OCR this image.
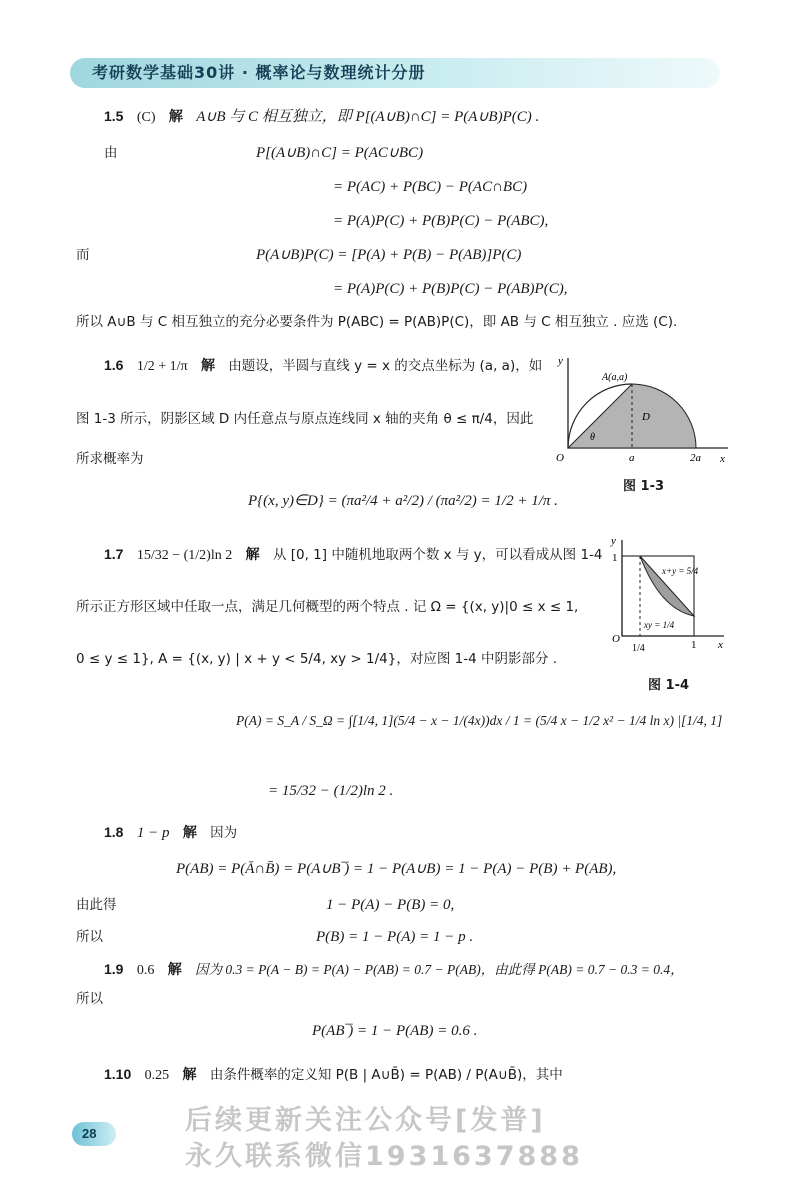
考研数学基础30讲 · 概率论与数理统计分册
1.5 (C) 解 A∪B 与 C 相互独立，即 P[(A∪B)∩C] = P(A∪B)P(C) .
由	P[(A∪B)∩C] = P(AC∪BC)
= P(AC) + P(BC) − P(AC∩BC)
= P(A)P(C) + P(B)P(C) − P(ABC),
而	P(A∪B)P(C) = [P(A) + P(B) − P(AB)]P(C)
= P(A)P(C) + P(B)P(C) − P(AB)P(C),
所以 A∪B 与 C 相互独立的充分必要条件为 P(ABC) = P(AB)P(C)，即 AB 与 C 相互独立 . 应选 (C).
1.6 1/2 + 1/π 解 由题设，半圆与直线 y = x 的交点坐标为 (a, a)，如
图 1-3 所示，阴影区域 D 内任意点与原点连线同 x 轴的夹角 θ ≤ π/4，因此
所求概率为
P{(x, y)∈D} = (πa²/4 + a²/2) / (πa²/2) = 1/2 + 1/π .
y
x
O	a	2a
A(a,a)
D
θ
图 1-3
1.7 15/32 − (1/2)ln 2 解 从 [0, 1] 中随机地取两个数 x 与 y，可以看成从图 1-4
所示正方形区域中任取一点，满足几何概型的两个特点 . 记 Ω = {(x, y)|0 ≤ x ≤ 1,
0 ≤ y ≤ 1}, A = {(x, y) | x + y < 5/4, xy > 1/4}，对应图 1-4 中阴影部分 .
P(A) = S_A / S_Ω = ∫[1/4, 1](5/4 − x − 1/(4x))dx / 1 = (5/4 x − 1/2 x² − 1/4 ln x) |[1/4, 1]
= 15/32 − (1/2)ln 2 .
y
x
O
1
1
1/4
x+y = 5/4
xy = 1/4
图 1-4
1.8 1 − p 解 因为
P(AB) = P(Ā∩B̄) = P(A∪B ̅) = 1 − P(A∪B) = 1 − P(A) − P(B) + P(AB),
由此得	1 − P(A) − P(B) = 0,
所以	P(B) = 1 − P(A) = 1 − p .
1.9 0.6 解 因为 0.3 = P(A − B) = P(A) − P(AB) = 0.7 − P(AB)，由此得 P(AB) = 0.7 − 0.3 = 0.4，
所以
P(AB ̅) = 1 − P(AB) = 0.6 .
1.10 0.25 解 由条件概率的定义知 P(B | A∪B̄) = P(AB) / P(A∪B̄)，其中
28	后续更新关注公众号[发普]
永久联系微信1931637888
